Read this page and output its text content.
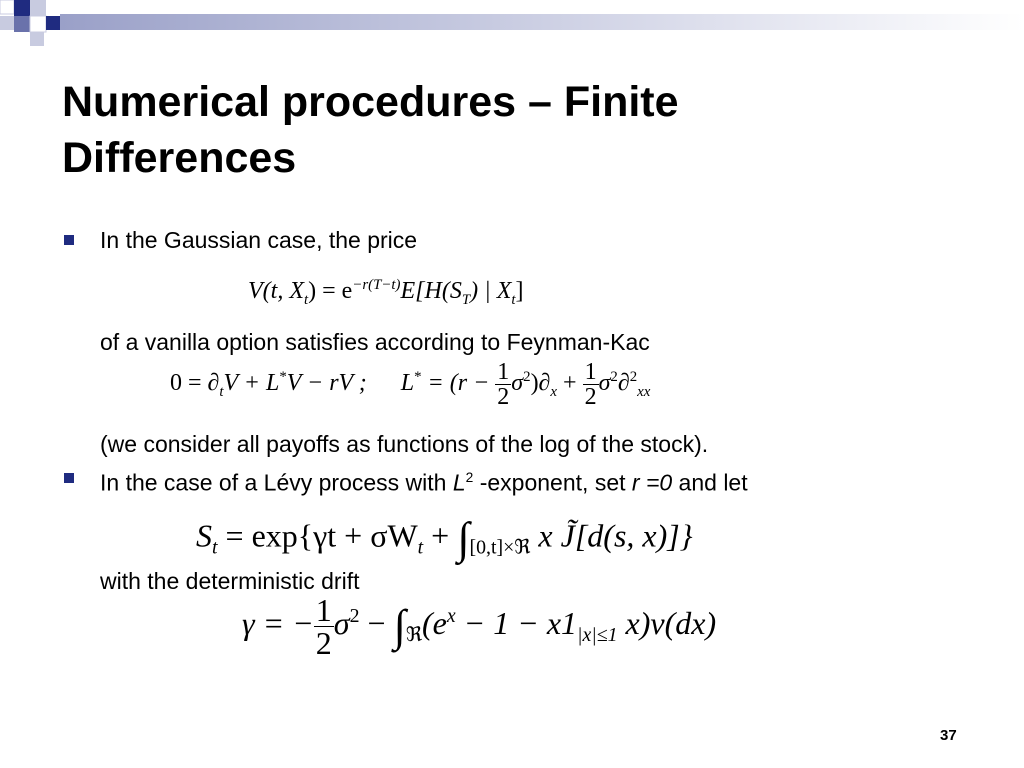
Numerical procedures – Finite
Differences
In the Gaussian case, the price
V(t, $X_t) = e^{-r(T-t)}E[H(S_T)$ | $X_t$]
of a vanilla option satisfies according to Feynman-Kac
$0 = \partial_tV + L^*V$ − rV ; $L^* = (r - \frac{1}{2} \sigma^2)\partial_x + \frac{1}{2} \sigma^2\partial^2_{xx}$
(we consider all payoffs as functions of the log of the stock).
In the case of a Lévy process with $L^2$ -exponent, set r =0 and let
$S_t = \exp\{\gamma t + \sigma W_t + \int_{[0,t]\times ℜ}$ x J̃[d(s, x)]}
with the deterministic drift
γ = − $\frac{1}{2} \sigma^2 - \int_ℜ(e^x - 1 - x1_{|x|\le 1}$ x)v(dx)
37
